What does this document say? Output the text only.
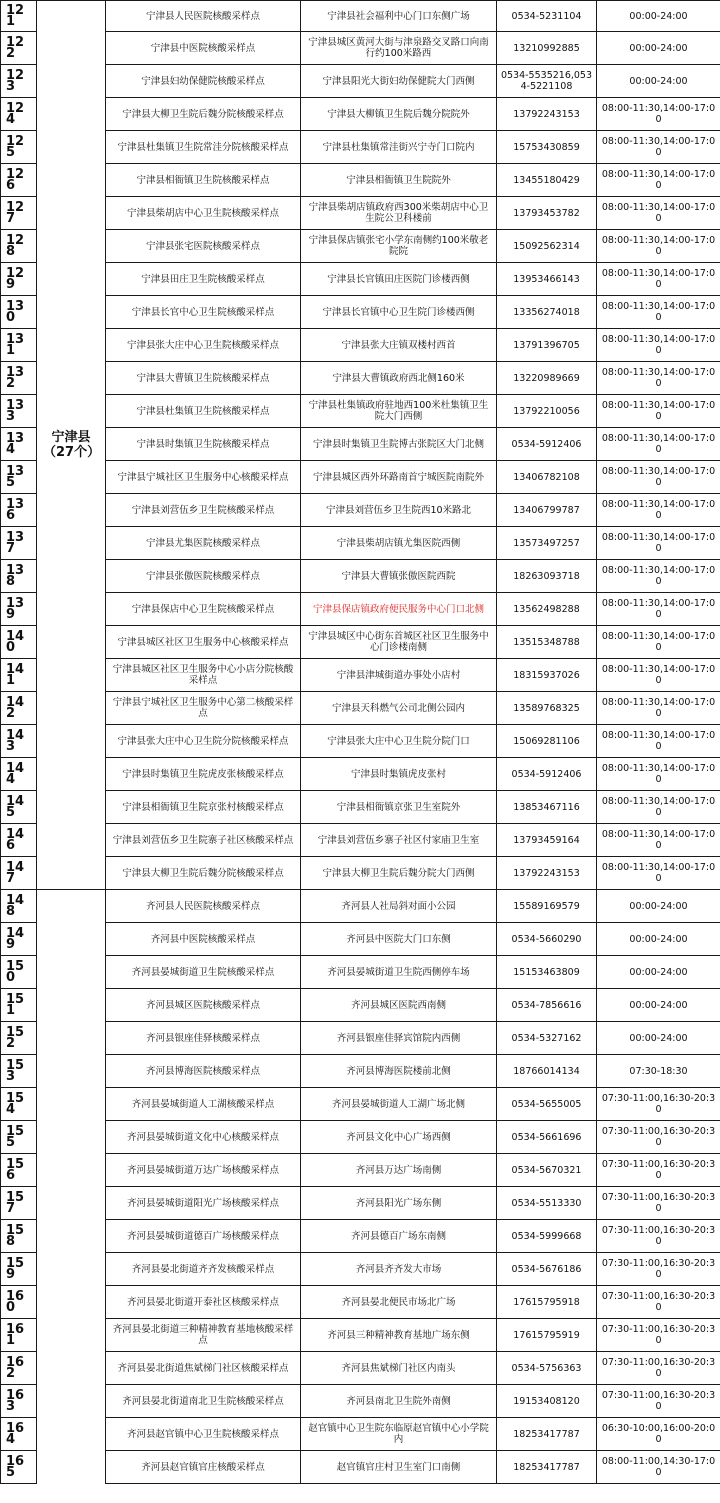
121	宁津县（27个）	宁津县人民医院核酸采样点	宁津县社会福利中心门口东侧广场	0534-5231104	00:00-24:00
122		宁津县中医院核酸采样点	宁津县城区黄河大街与津泉路交叉路口向南行约100米路西	13210992885	00:00-24:00
123		宁津县妇幼保健院核酸采样点	宁津县阳光大街妇幼保健院大门西侧	0534-5535216,0534-5221108	00:00-24:00
124		宁津县大柳卫生院后魏分院核酸采样点	宁津县大柳镇卫生院后魏分院院外	13792243153	08:00-11:30,14:00-17:00
125		宁津县杜集镇卫生院常洼分院核酸采样点	宁津县杜集镇常洼街兴宁寺门口院内	15753430859	08:00-11:30,14:00-17:00
126		宁津县相衙镇卫生院核酸采样点	宁津县相衙镇卫生院院外	13455180429	08:00-11:30,14:00-17:00
127		宁津县柴胡店中心卫生院核酸采样点	宁津县柴胡店镇政府西300米柴胡店中心卫生院公卫科楼前	13793453782	08:00-11:30,14:00-17:00
128		宁津县张宅医院核酸采样点	宁津县保店镇张宅小学东南侧约100米敬老院院	15092562314	08:00-11:30,14:00-17:00
129		宁津县田庄卫生院核酸采样点	宁津县长官镇田庄医院门诊楼西侧	13953466143	08:00-11:30,14:00-17:00
130		宁津县长官中心卫生院核酸采样点	宁津县长官镇中心卫生院门诊楼西侧	13356274018	08:00-11:30,14:00-17:00
131		宁津县张大庄中心卫生院核酸采样点	宁津县张大庄镇双楼村西首	13791396705	08:00-11:30,14:00-17:00
132		宁津县大曹镇卫生院核酸采样点	宁津县大曹镇政府西北侧160米	13220989669	08:00-11:30,14:00-17:00
133		宁津县杜集镇卫生院核酸采样点	宁津县杜集镇政府驻地西100米杜集镇卫生院大门西侧	13792210056	08:00-11:30,14:00-17:00
134		宁津县时集镇卫生院核酸采样点	宁津县时集镇卫生院博古张院区大门北侧	0534-5912406	08:00-11:30,14:00-17:00
135		宁津县宁城社区卫生服务中心核酸采样点	宁津县城区西外环路南首宁城医院南院外	13406782108	08:00-11:30,14:00-17:00
136		宁津县刘营伍乡卫生院核酸采样点	宁津县刘营伍乡卫生院西10米路北	13406799787	08:00-11:30,14:00-17:00
137		宁津县尤集医院核酸采样点	宁津县柴胡店镇尤集医院西侧	13573497257	08:00-11:30,14:00-17:00
138		宁津县张傲医院核酸采样点	宁津县大曹镇张傲医院西院	18263093718	08:00-11:30,14:00-17:00
139		宁津县保店中心卫生院核酸采样点	宁津县保店镇政府便民服务中心门口北侧	13562498288	08:00-11:30,14:00-17:00
140		宁津县城区社区卫生服务中心核酸采样点	宁津县城区中心街东首城区社区卫生服务中心门诊楼南侧	13515348788	08:00-11:30,14:00-17:00
141		宁津县城区社区卫生服务中心小店分院核酸采样点	宁津县津城街道办事处小店村	18315937026	08:00-11:30,14:00-17:00
142		宁津县宁城社区卫生服务中心第二核酸采样点	宁津县天科燃气公司北侧公园内	13589768325	08:00-11:30,14:00-17:00
143		宁津县张大庄中心卫生院分院核酸采样点	宁津县张大庄中心卫生院分院门口	15069281106	08:00-11:30,14:00-17:00
144		宁津县时集镇卫生院虎皮张核酸采样点	宁津县时集镇虎皮张村	0534-5912406	08:00-11:30,14:00-17:00
145		宁津县相衙镇卫生院京张村核酸采样点	宁津县相衙镇京张卫生室院外	13853467116	08:00-11:30,14:00-17:00
146		宁津县刘营伍乡卫生院寨子社区核酸采样点	宁津县刘营伍乡寨子社区付家庙卫生室	13793459164	08:00-11:30,14:00-17:00
147		宁津县大柳卫生院后魏分院核酸采样点	宁津县大柳卫生院后魏分院大门西侧	13792243153	08:00-11:30,14:00-17:00
148		齐河县人民医院核酸采样点	齐河县人社局斜对面小公园	15589169579	00:00-24:00
149		齐河县中医院核酸采样点	齐河县中医院大门口东侧	0534-5660290	00:00-24:00
150		齐河县晏城街道卫生院核酸采样点	齐河县晏城街道卫生院西侧停车场	15153463809	00:00-24:00
151		齐河县城区医院核酸采样点	齐河县城区医院西南侧	0534-7856616	00:00-24:00
152		齐河县银座佳驿核酸采样点	齐河县银座佳驿宾馆院内西侧	0534-5327162	00:00-24:00
153		齐河县博海医院核酸采样点	齐河县博海医院楼前北侧	18766014134	07:30-18:30
154		齐河县晏城街道人工湖核酸采样点	齐河县晏城街道人工湖广场北侧	0534-5655005	07:30-11:00,16:30-20:30
155		齐河县晏城街道文化中心核酸采样点	齐河县文化中心广场西侧	0534-5661696	07:30-11:00,16:30-20:30
156		齐河县晏城街道万达广场核酸采样点	齐河县万达广场南侧	0534-5670321	07:30-11:00,16:30-20:30
157		齐河县晏城街道阳光广场核酸采样点	齐河县阳光广场东侧	0534-5513330	07:30-11:00,16:30-20:30
158		齐河县晏城街道德百广场核酸采样点	齐河县德百广场东南侧	0534-5999668	07:30-11:00,16:30-20:30
159		齐河县晏北街道齐齐发核酸采样点	齐河县齐齐发大市场	0534-5676186	07:30-11:00,16:30-20:30
160		齐河县晏北街道开泰社区核酸采样点	齐河县晏北便民市场北广场	17615795918	07:30-11:00,16:30-20:30
161		齐河县晏北街道三种精神教育基地核酸采样点	齐河县三种精神教育基地广场东侧	17615795919	07:30-11:00,16:30-20:30
162		齐河县晏北街道焦斌梯门社区核酸采样点	齐河县焦斌梯门社区内南头	0534-5756363	07:30-11:00,16:30-20:30
163		齐河县晏北街道南北卫生院核酸采样点	齐河县南北卫生院外南侧	19153408120	07:30-11:00,16:30-20:30
164		齐河县赵官镇中心卫生院核酸采样点	赵官镇中心卫生院东临原赵官镇中心小学院内	18253417787	06:30-10:00,16:00-20:00
165		齐河县赵官镇官庄核酸采样点	赵官镇官庄村卫生室门口南侧	18253417787	08:00-11:00,14:30-17:00
